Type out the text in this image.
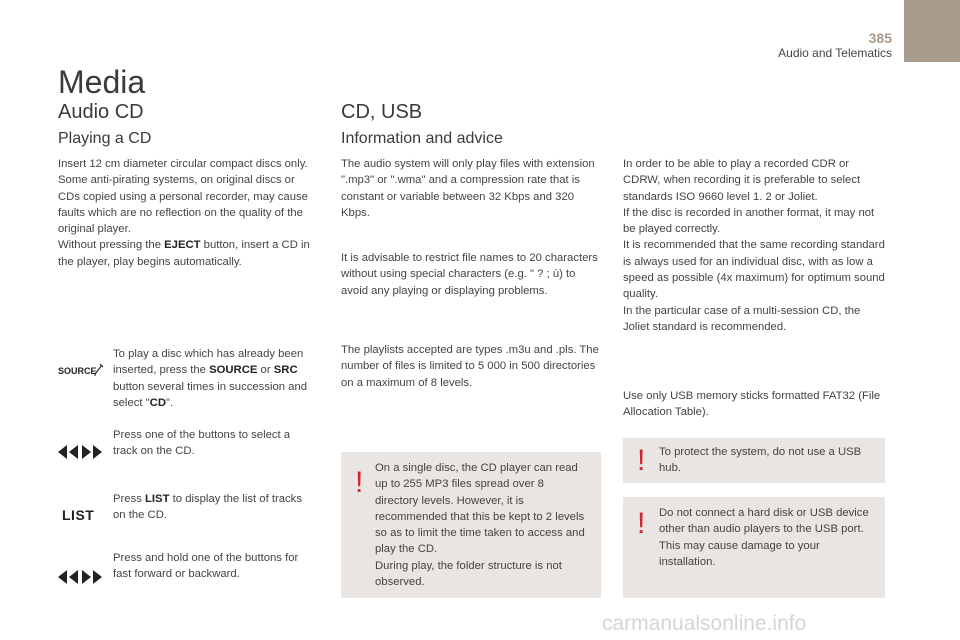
385
Audio and Telematics
Media
Audio CD	CD, USB
Playing a CD	Information and advice
Insert 12 cm diameter circular compact discs only.
Some anti-pirating systems, on original discs or CDs copied using a personal recorder, may cause faults which are no reflection on the quality of the original player.
Without pressing the EJECT button, insert a CD in the player, play begins automatically.
SOURCE
To play a disc which has already been inserted, press the SOURCE or SRC button several times in succession and select "CD".
Press one of the buttons to select a track on the CD.
LIST
Press LIST to display the list of tracks on the CD.
Press and hold one of the buttons for fast forward or backward.
The audio system will only play files with extension ".mp3" or ".wma" and a compression rate that is constant or variable between 32 Kbps and 320 Kbps.
It is advisable to restrict file names to 20 characters without using special characters (e.g. " ? ; ù) to avoid any playing or displaying problems.
The playlists accepted are types .m3u and .pls. The number of files is limited to 5 000 in 500 directories on a maximum of 8 levels.
! On a single disc, the CD player can read up to 255 MP3 files spread over 8 directory levels. However, it is recommended that this be kept to 2 levels so as to limit the time taken to access and play the CD.
During play, the folder structure is not observed.
In order to be able to play a recorded CDR or CDRW, when recording it is preferable to select standards ISO 9660 level 1. 2 or Joliet.
If the disc is recorded in another format, it may not be played correctly.
It is recommended that the same recording standard is always used for an individual disc, with as low a speed as possible (4x maximum) for optimum sound quality.
In the particular case of a multi-session CD, the Joliet standard is recommended.
Use only USB memory sticks formatted FAT32 (File Allocation Table).
! To protect the system, do not use a USB hub.
! Do not connect a hard disk or USB device other than audio players to the USB port. This may cause damage to your installation.
carmanualsonline.info
